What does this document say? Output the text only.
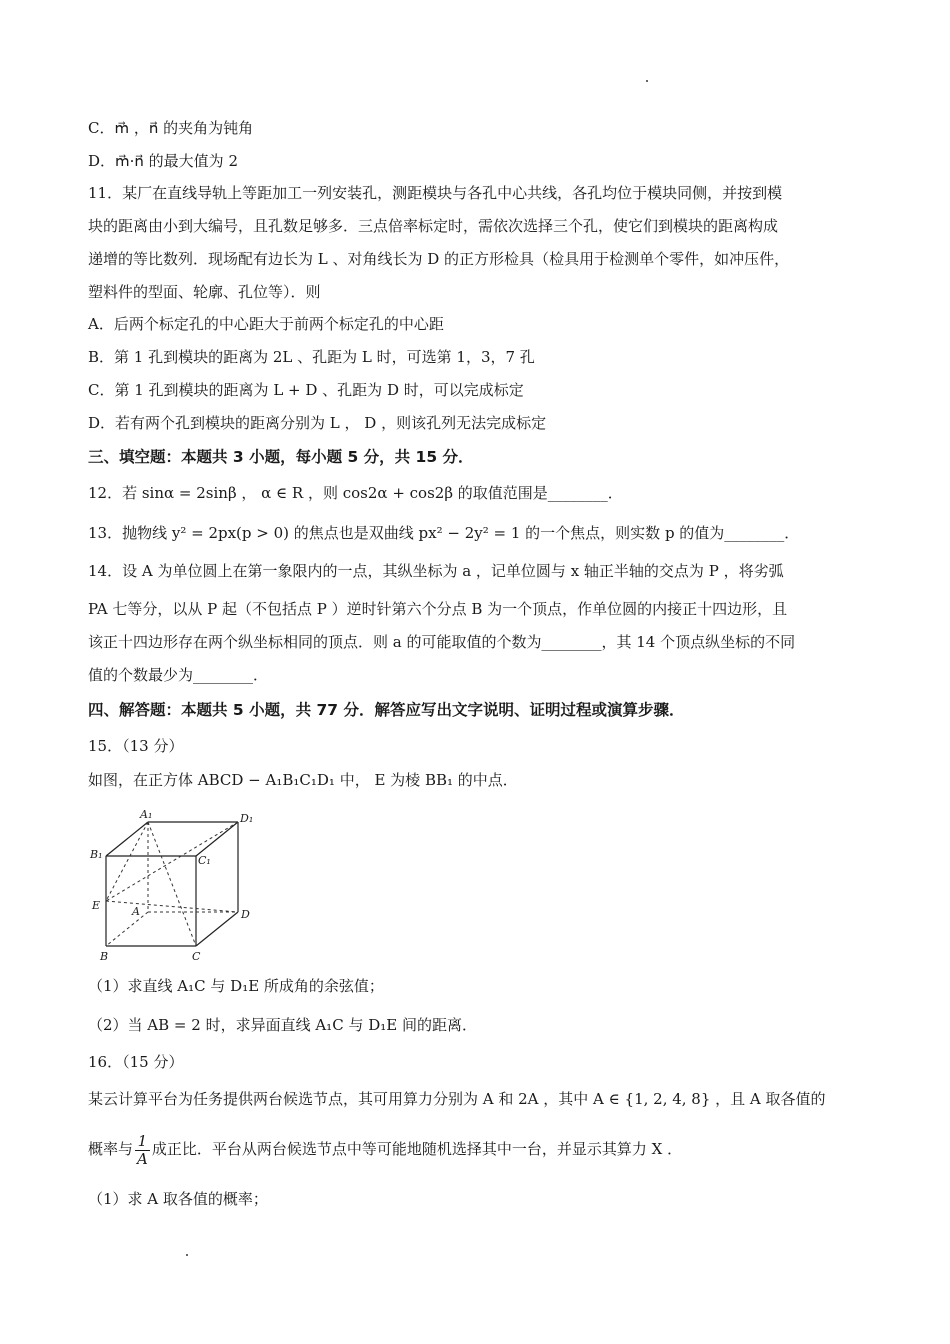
C．m⃗ ，n⃗ 的夹角为钝角
D．m⃗·n⃗ 的最大值为 2
11．某厂在直线导轨上等距加工一列安装孔，测距模块与各孔中心共线，各孔均位于模块同侧，并按到模
块的距离由小到大编号，且孔数足够多．三点倍率标定时，需依次选择三个孔，使它们到模块的距离构成
递增的等比数列．现场配有边长为 L 、对角线长为 D 的正方形检具（检具用于检测单个零件，如冲压件，
塑料件的型面、轮廓、孔位等）．则
A．后两个标定孔的中心距大于前两个标定孔的中心距
B．第 1 孔到模块的距离为 2L 、孔距为 L 时，可选第 1，3，7 孔
C．第 1 孔到模块的距离为 L + D 、孔距为 D 时，可以完成标定
D．若有两个孔到模块的距离分别为 L ， D ，则该孔列无法完成标定
三、填空题：本题共 3 小题，每小题 5 分，共 15 分．
12．若 sinα = 2sinβ ， α ∈ R ，则 cos2α + cos2β 的取值范围是________．
13．抛物线 y² = 2px(p > 0) 的焦点也是双曲线 px² − 2y² = 1 的一个焦点，则实数 p 的值为________．
14．设 A 为单位圆上在第一象限内的一点，其纵坐标为 a ，记单位圆与 x 轴正半轴的交点为 P ，将劣弧
PA 七等分，以从 P 起（不包括点 P ）逆时针第六个分点 B 为一个顶点，作单位圆的内接正十四边形，且
该正十四边形存在两个纵坐标相同的顶点．则 a 的可能取值的个数为________，其 14 个顶点纵坐标的不同
值的个数最少为________．
四、解答题：本题共 5 小题，共 77 分．解答应写出文字说明、证明过程或演算步骤．
15．（13 分）
如图，在正方体 ABCD − A₁B₁C₁D₁ 中， E 为棱 BB₁ 的中点．
A₁	D₁
B₁	C₁
E	A	D
B	C
（1）求直线 A₁C 与 D₁E 所成角的余弦值；
（2）当 AB = 2 时，求异面直线 A₁C 与 D₁E 间的距离．
16．（15 分）
某云计算平台为任务提供两台候选节点，其可用算力分别为 A 和 2A ，其中 A ∈ {1, 2, 4, 8} ，且 A 取各值的
概率与 $\frac{1}{A}$ 成正比．平台从两台候选节点中等可能地随机选择其中一台，并显示其算力 X ．
（1）求 A 取各值的概率；
